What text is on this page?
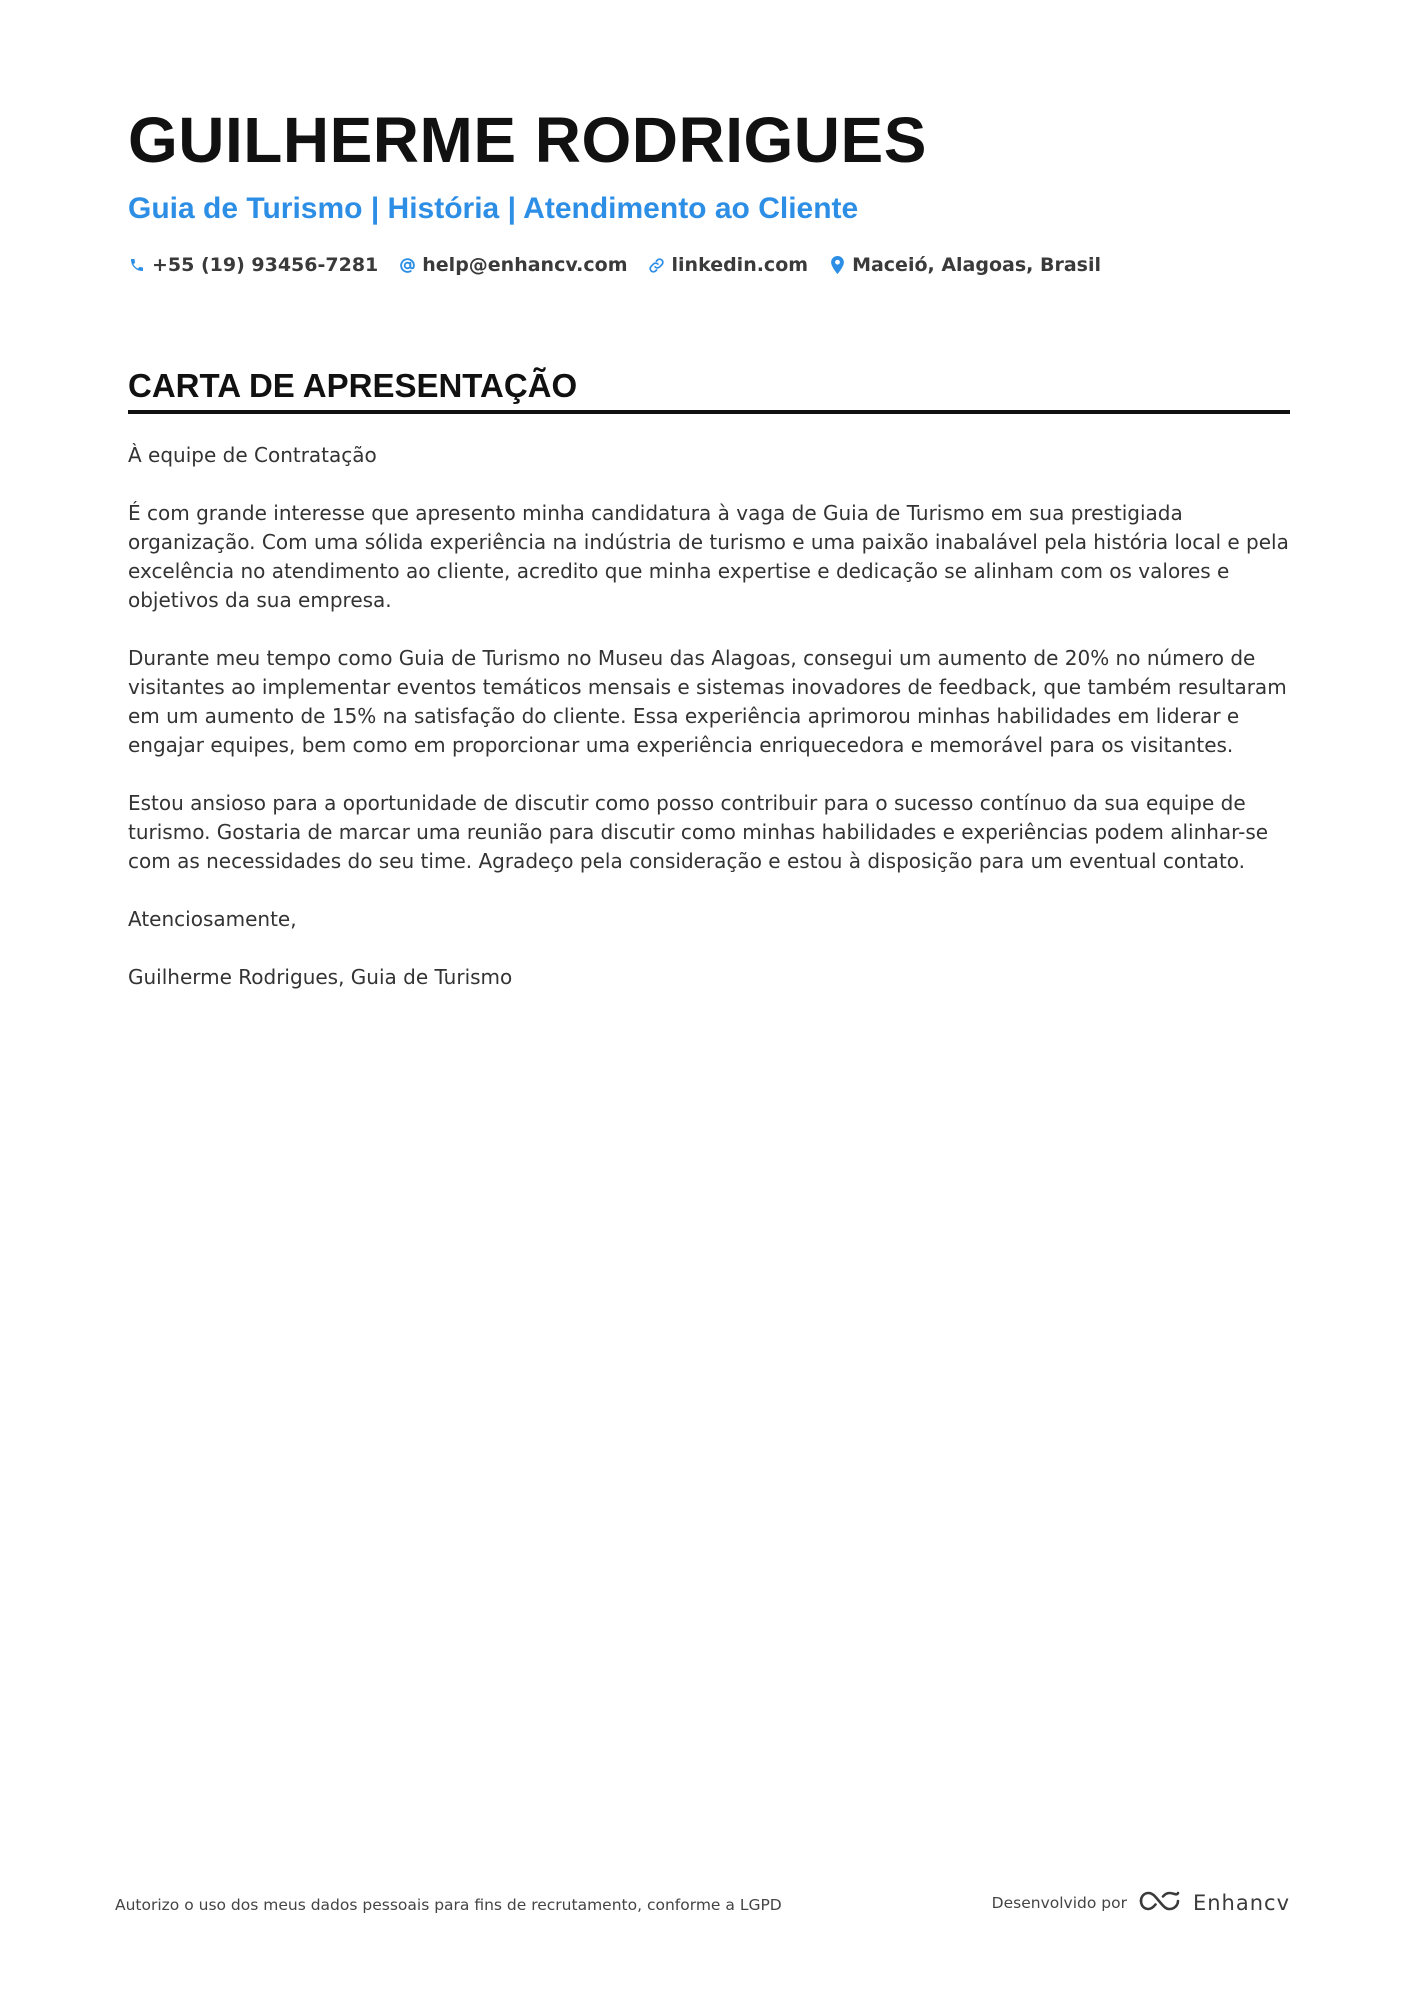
GUILHERME RODRIGUES
Guia de Turismo | História | Atendimento ao Cliente
+55 (19) 93456-7281 help@enhancv.com linkedin.com Maceió, Alagoas, Brasil
CARTA DE APRESENTAÇÃO

À equipe de Contratação

É com grande interesse que apresento minha candidatura à vaga de Guia de Turismo em sua prestigiada organização. Com uma sólida experiência na indústria de turismo e uma paixão inabalável pela história local e pela excelência no atendimento ao cliente, acredito que minha expertise e dedicação se alinham com os valores e objetivos da sua empresa.

Durante meu tempo como Guia de Turismo no Museu das Alagoas, consegui um aumento de 20% no número de visitantes ao implementar eventos temáticos mensais e sistemas inovadores de feedback, que também resultaram em um aumento de 15% na satisfação do cliente. Essa experiência aprimorou minhas habilidades em liderar e engajar equipes, bem como em proporcionar uma experiência enriquecedora e memorável para os visitantes.

Estou ansioso para a oportunidade de discutir como posso contribuir para o sucesso contínuo da sua equipe de turismo. Gostaria de marcar uma reunião para discutir como minhas habilidades e experiências podem alinhar-se com as necessidades do seu time. Agradeço pela consideração e estou à disposição para um eventual contato.

Atenciosamente,

Guilherme Rodrigues, Guia de Turismo

Autorizo o uso dos meus dados pessoais para fins de recrutamento, conforme a LGPD	Desenvolvido por	Enhancv
